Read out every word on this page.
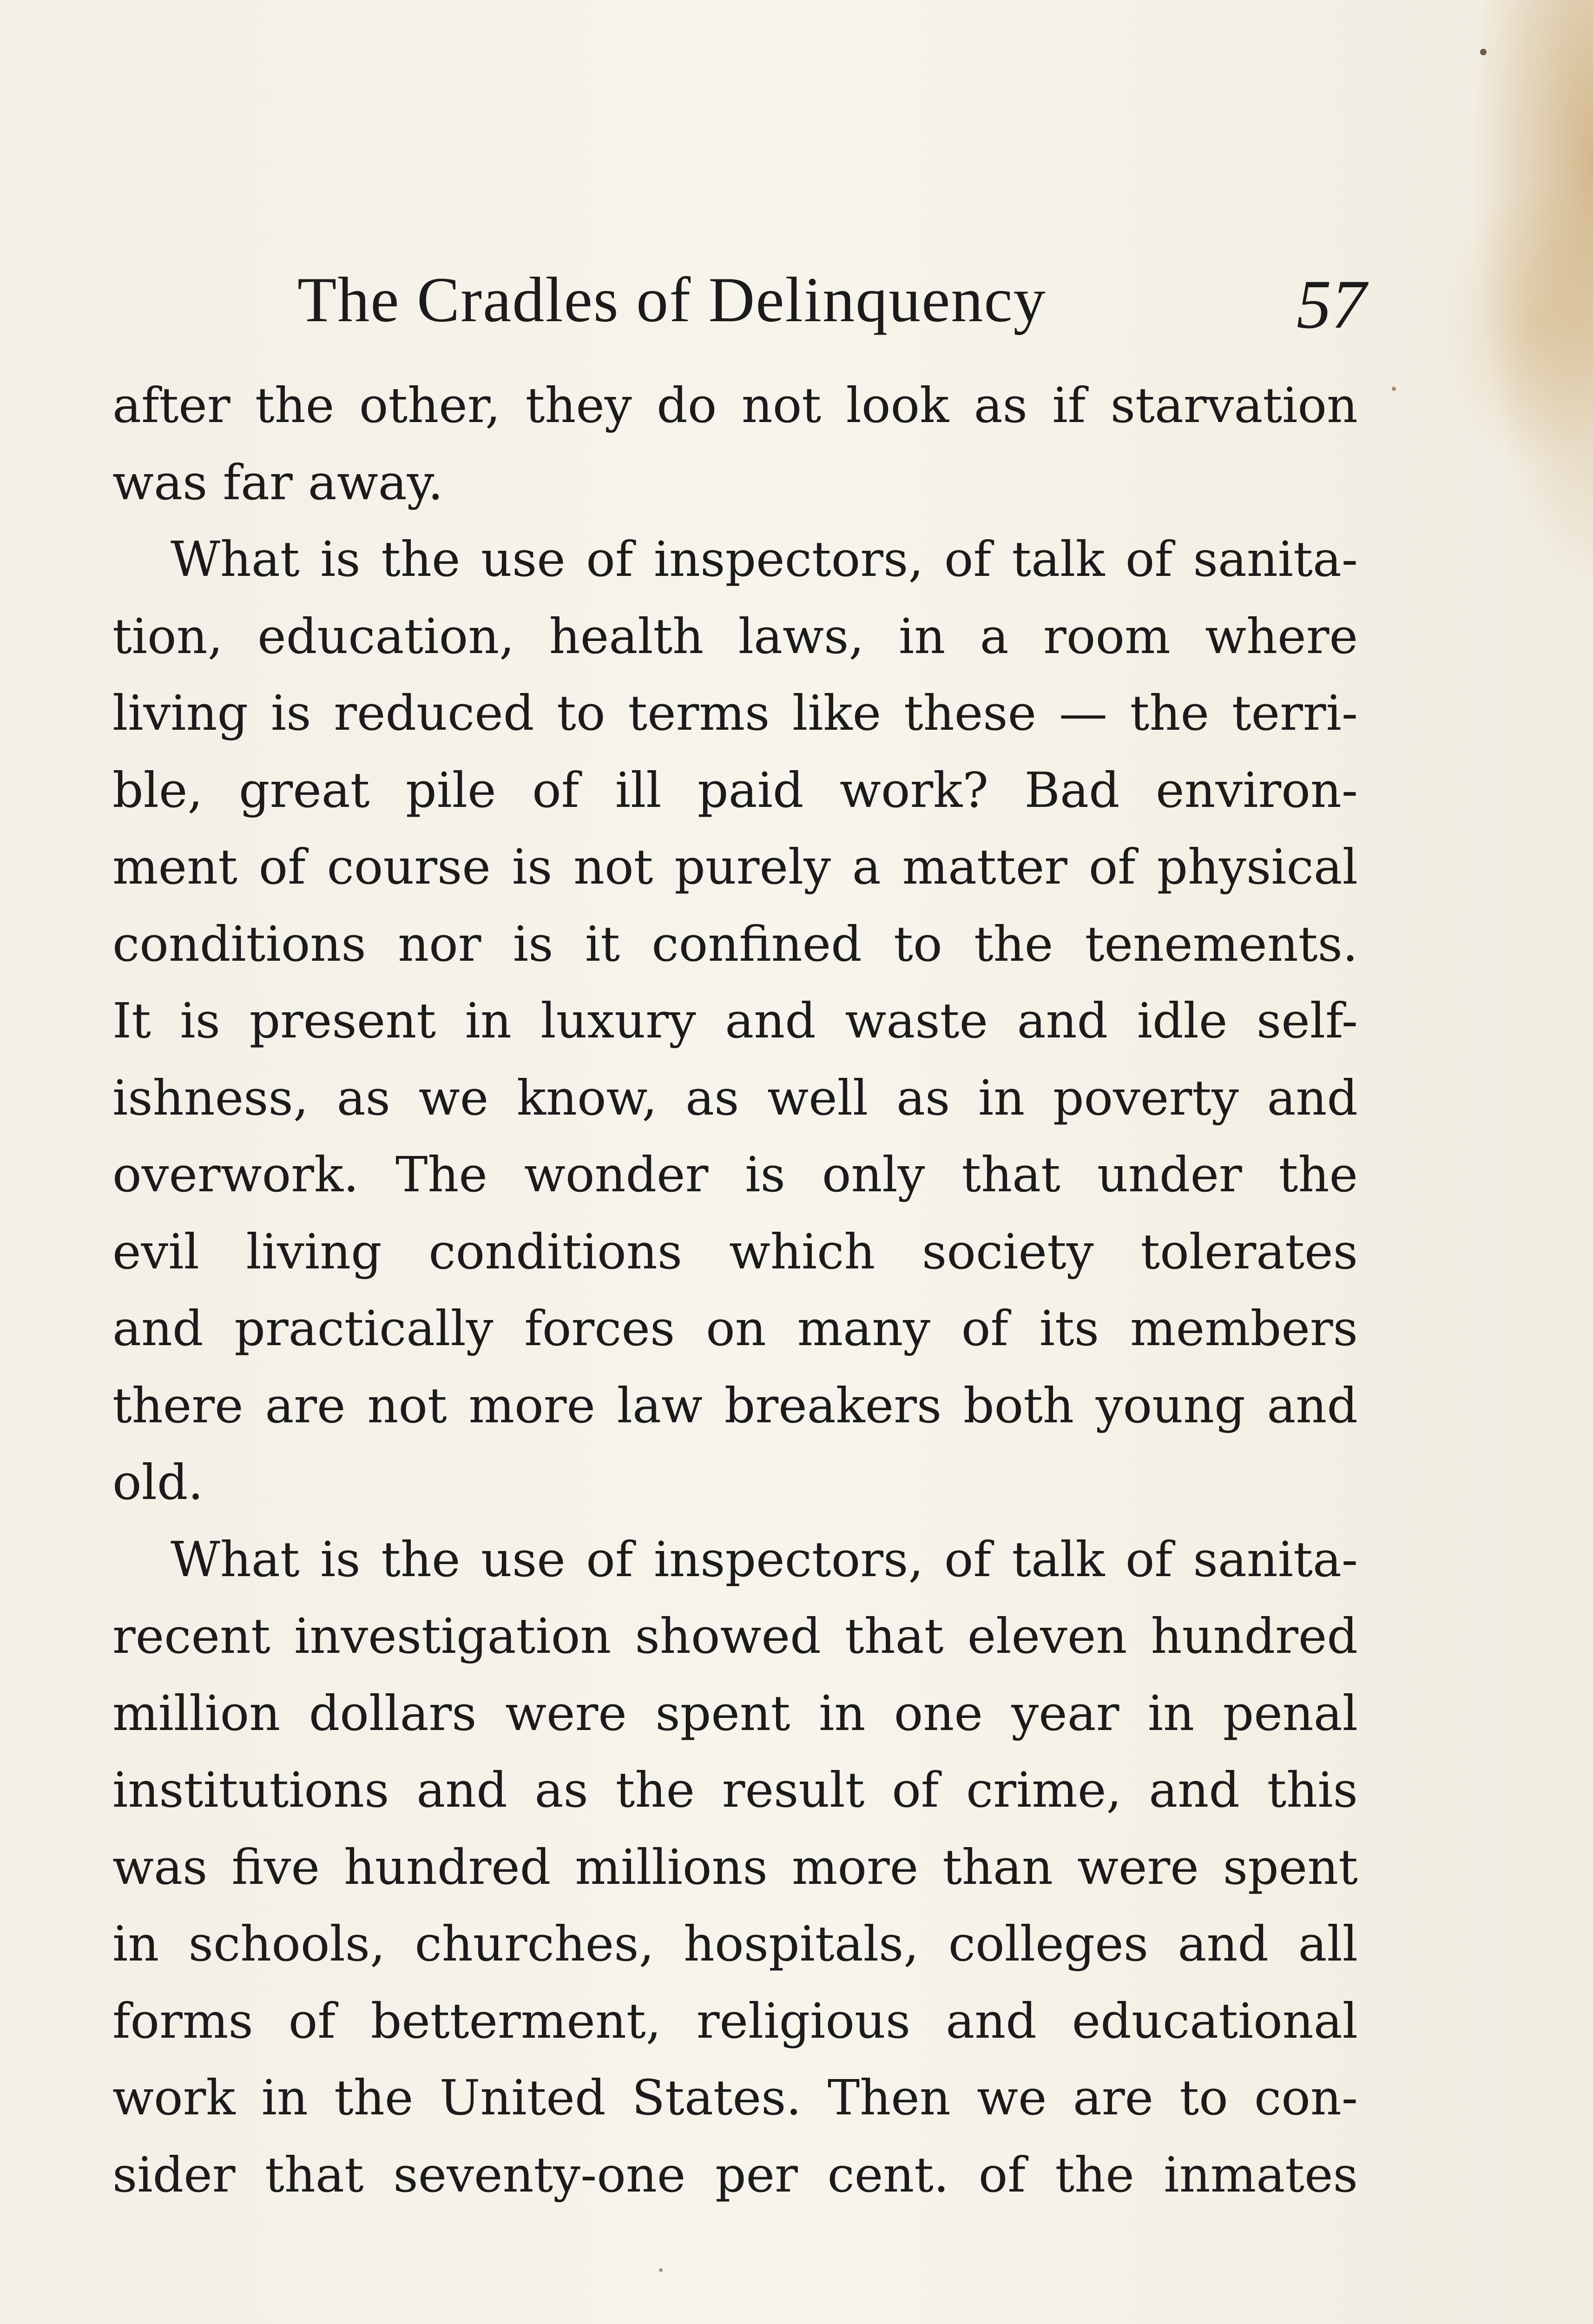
The Cradles of Delinquency	57
after the other, they do not look as if starvation
was far away.
What is the use of inspectors, of talk of sanita-
tion, education, health laws, in a room where
living is reduced to terms like these — the terri-
ble, great pile of ill paid work? Bad environ-
ment of course is not purely a matter of physical
conditions nor is it confined to the tenements.
It is present in luxury and waste and idle self-
ishness, as we know, as well as in poverty and
overwork. The wonder is only that under the
evil living conditions which society tolerates
and practically forces on many of its members
there are not more law breakers both young and
old.
What is the use of inspectors, of talk of sanita-
recent investigation showed that eleven hundred
million dollars were spent in one year in penal
institutions and as the result of crime, and this
was five hundred millions more than were spent
in schools, churches, hospitals, colleges and all
forms of betterment, religious and educational
work in the United States. Then we are to con-
sider that seventy-one per cent. of the inmates
